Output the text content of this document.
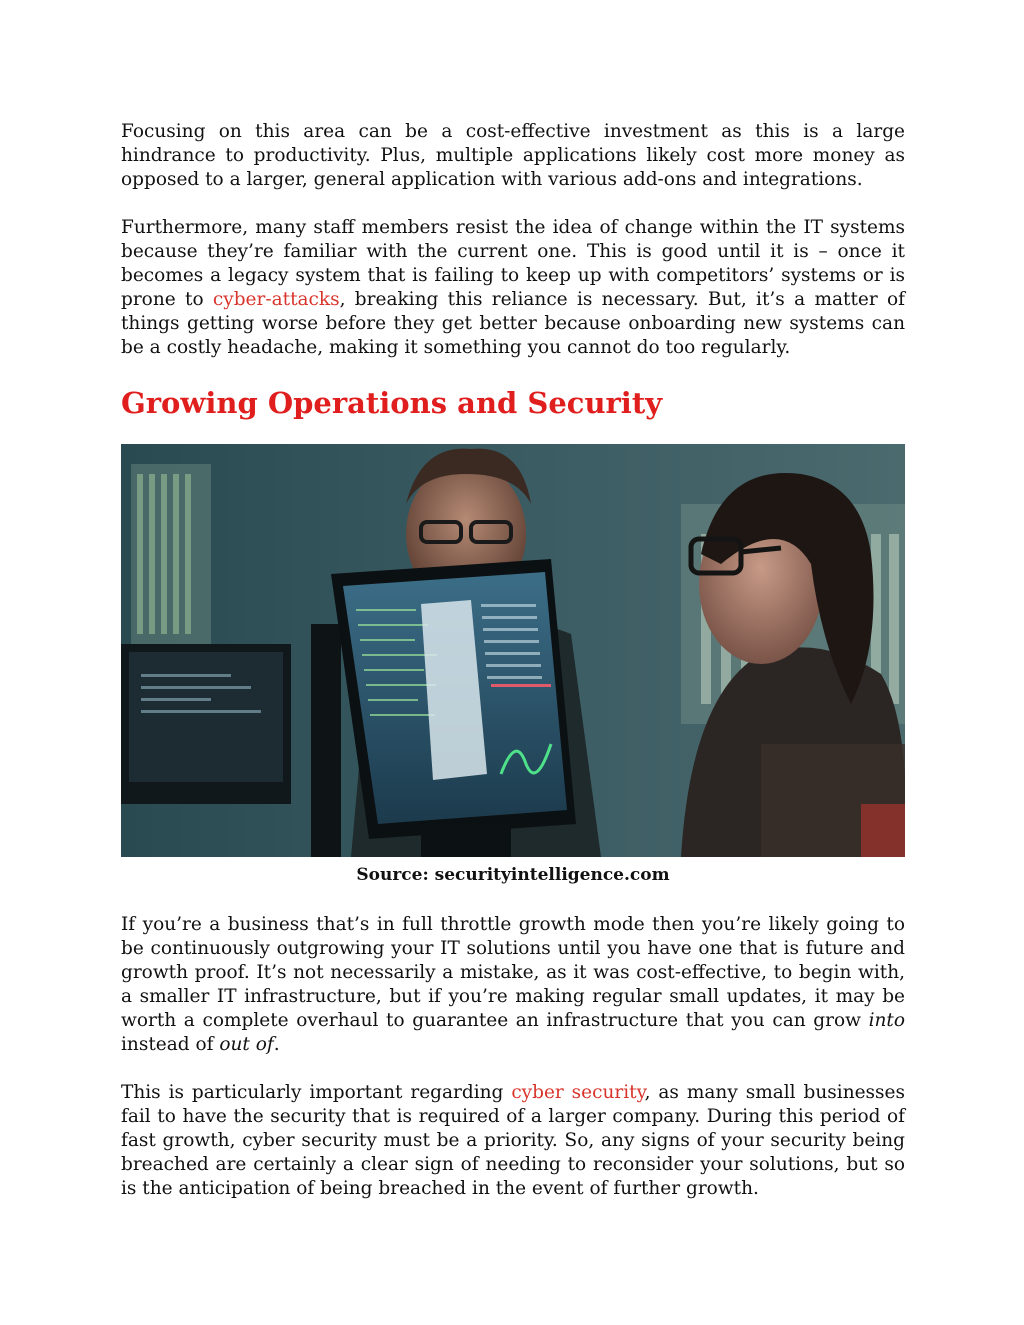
Focusing on this area can be a cost-effective investment as this is a large hindrance to productivity. Plus, multiple applications likely cost more money as opposed to a larger, general application with various add-ons and integrations.

Furthermore, many staff members resist the idea of change within the IT systems because they’re familiar with the current one. This is good until it is – once it becomes a legacy system that is failing to keep up with competitors’ systems or is prone to cyber-attacks, breaking this reliance is necessary. But, it’s a matter of things getting worse before they get better because onboarding new systems can be a costly headache, making it something you cannot do too regularly.

Growing Operations and Security
Source: securityintelligence.com

If you’re a business that’s in full throttle growth mode then you’re likely going to be continuously outgrowing your IT solutions until you have one that is future and growth proof. It’s not necessarily a mistake, as it was cost-effective, to begin with, a smaller IT infrastructure, but if you’re making regular small updates, it may be worth a complete overhaul to guarantee an infrastructure that you can grow into instead of out of.

This is particularly important regarding cyber security, as many small businesses fail to have the security that is required of a larger company. During this period of fast growth, cyber security must be a priority. So, any signs of your security being breached are certainly a clear sign of needing to reconsider your solutions, but so is the anticipation of being breached in the event of further growth.
